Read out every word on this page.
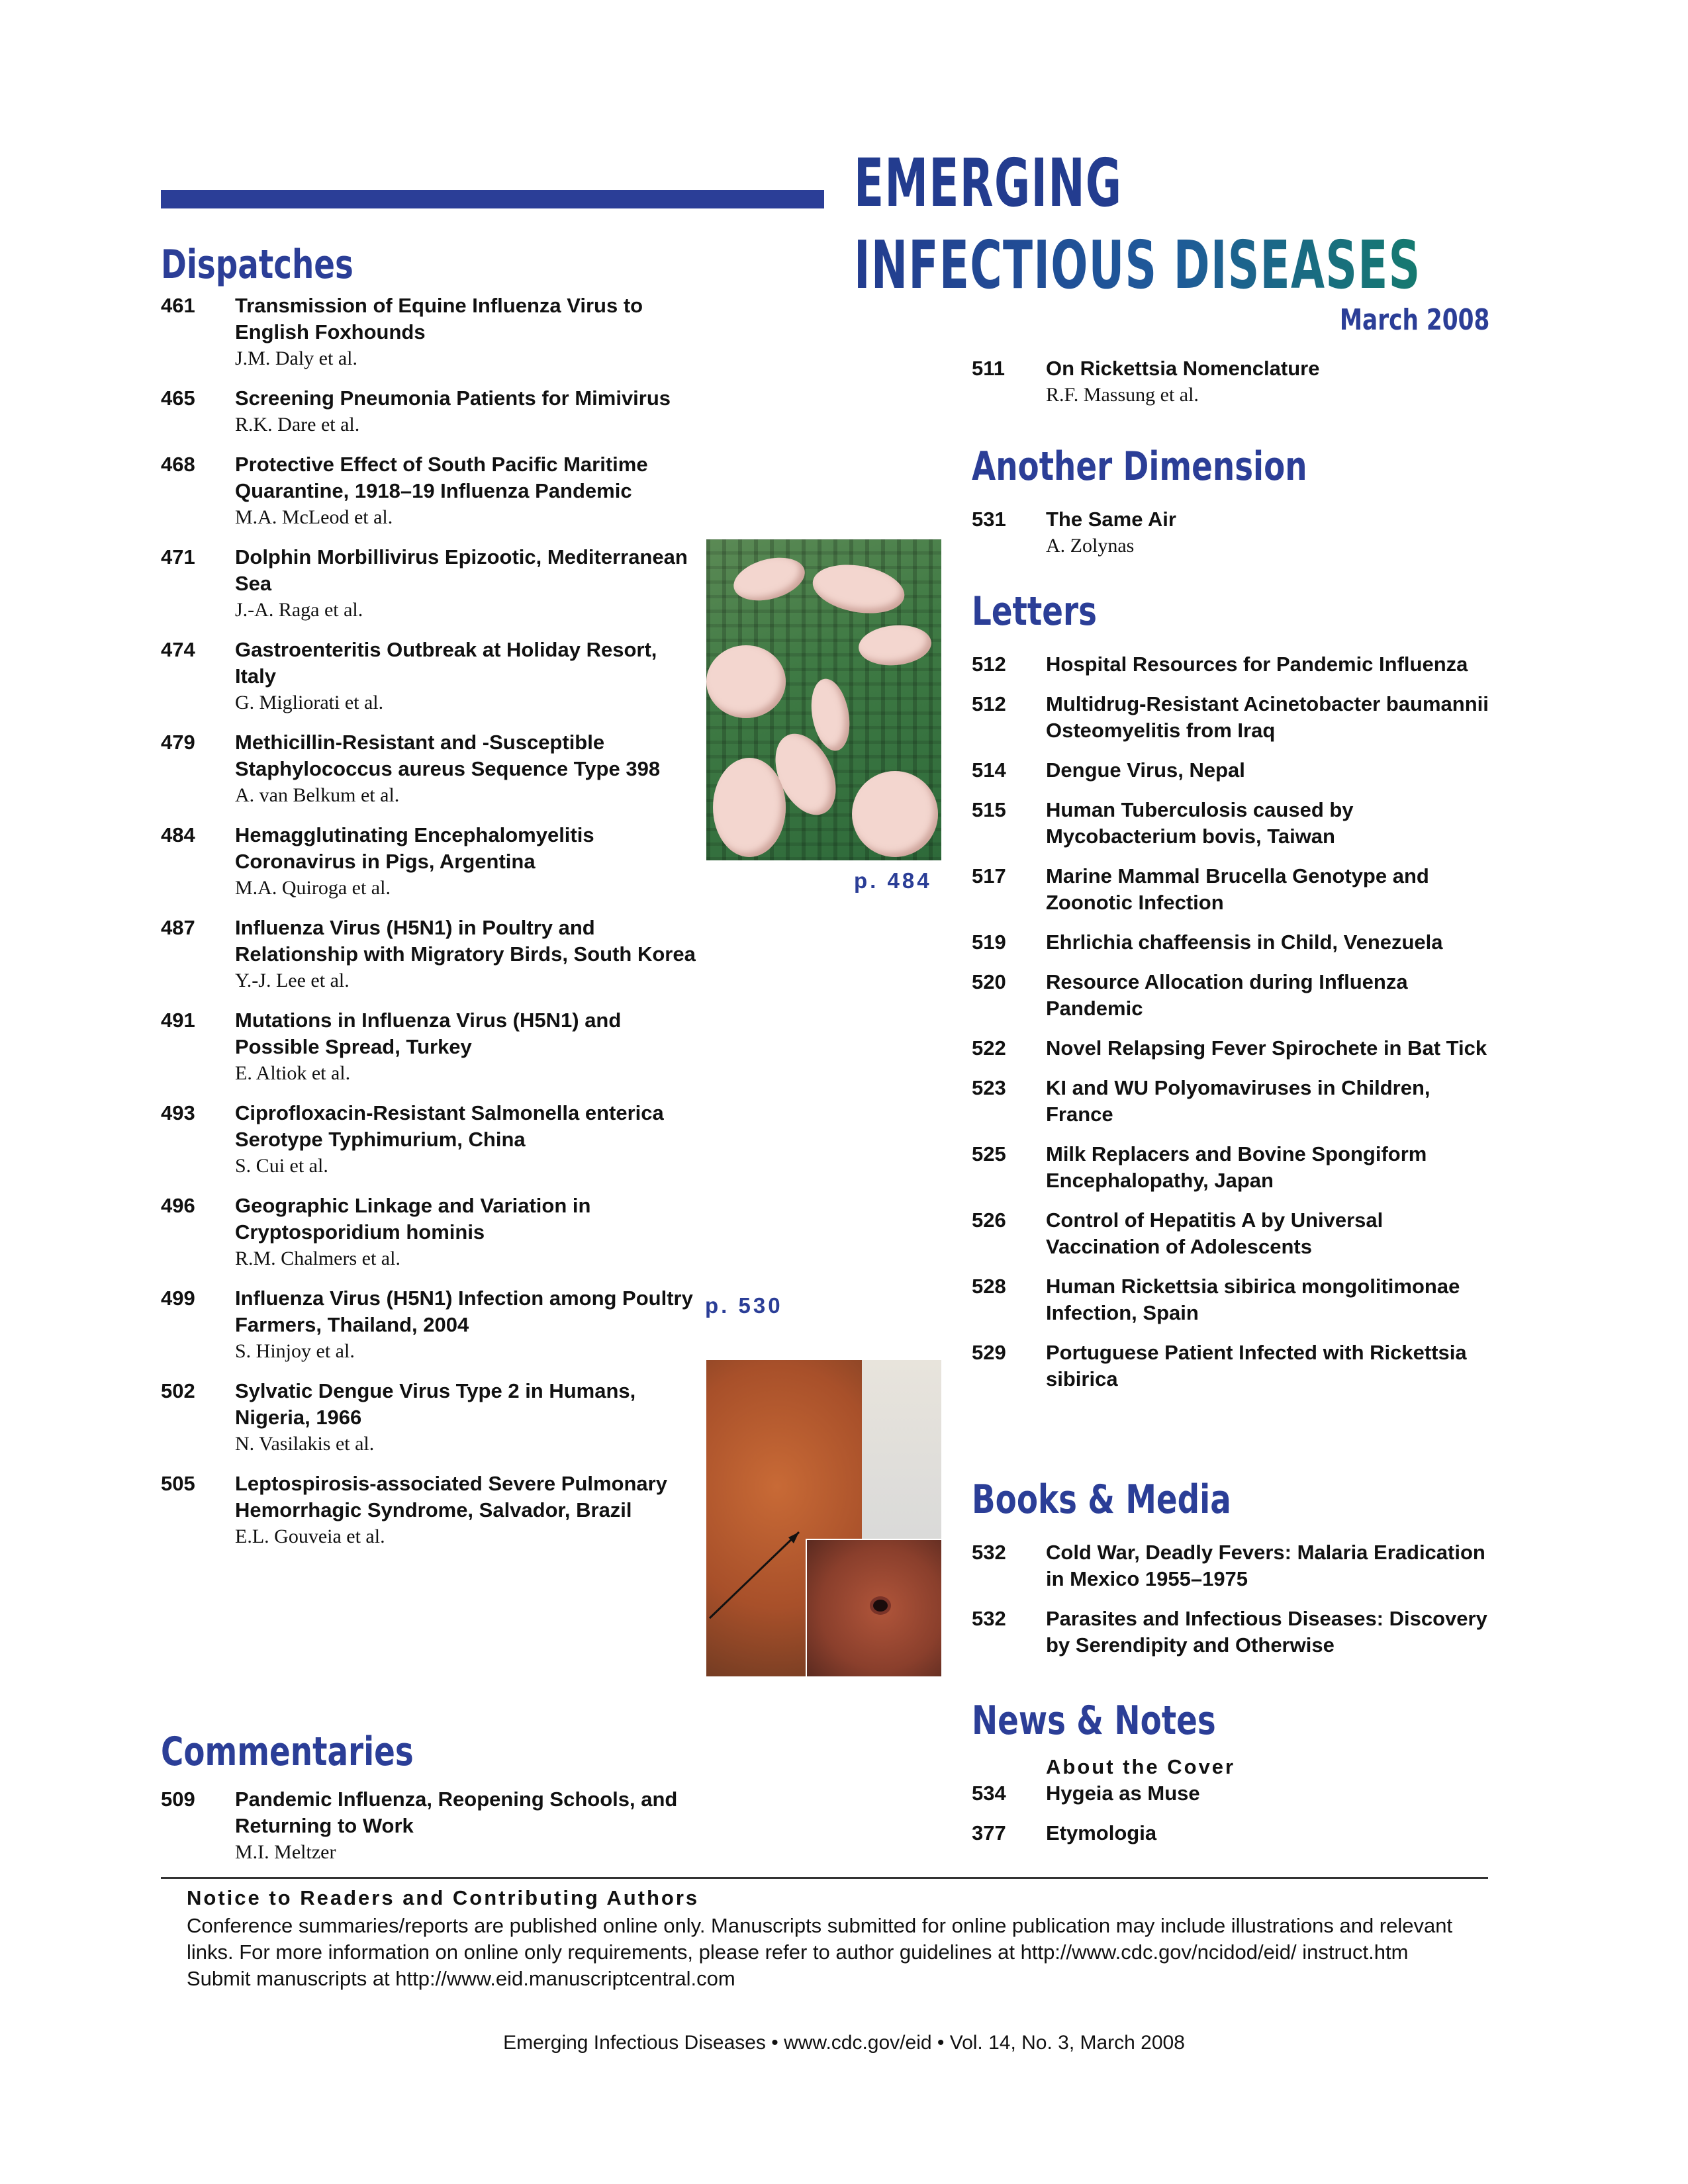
EMERGING
INFECTIOUS DISEASES
March 2008
Dispatches
461 Transmission of Equine Influenza Virus to English Foxhounds
J.M. Daly et al.
465 Screening Pneumonia Patients for Mimivirus
R.K. Dare et al.
468 Protective Effect of South Pacific Maritime Quarantine, 1918–19 Influenza Pandemic
M.A. McLeod et al.
471 Dolphin Morbillivirus Epizootic, Mediterranean Sea
J.-A. Raga et al.
474 Gastroenteritis Outbreak at Holiday Resort, Italy
G. Migliorati et al.
479 Methicillin-Resistant and -Susceptible Staphylococcus aureus Sequence Type 398
A. van Belkum et al.
484 Hemagglutinating Encephalomyelitis Coronavirus in Pigs, Argentina
M.A. Quiroga et al.
487 Influenza Virus (H5N1) in Poultry and Relationship with Migratory Birds, South Korea
Y.-J. Lee et al.
491 Mutations in Influenza Virus (H5N1) and Possible Spread, Turkey
E. Altiok et al.
493 Ciprofloxacin-Resistant Salmonella enterica Serotype Typhimurium, China
S. Cui et al.
496 Geographic Linkage and Variation in Cryptosporidium hominis
R.M. Chalmers et al.
499 Influenza Virus (H5N1) Infection among Poultry Farmers, Thailand, 2004
S. Hinjoy et al.
502 Sylvatic Dengue Virus Type 2 in Humans, Nigeria, 1966
N. Vasilakis et al.
505 Leptospirosis-associated Severe Pulmonary Hemorrhagic Syndrome, Salvador, Brazil
E.L. Gouveia et al.
Commentaries
509 Pandemic Influenza, Reopening Schools, and Returning to Work
M.I. Meltzer
p. 484
p. 530
511 On Rickettsia Nomenclature
R.F. Massung et al.
Another Dimension
531 The Same Air
A. Zolynas
Letters
512 Hospital Resources for Pandemic Influenza
512 Multidrug-Resistant Acinetobacter baumannii Osteomyelitis from Iraq
514 Dengue Virus, Nepal
515 Human Tuberculosis caused by Mycobacterium bovis, Taiwan
517 Marine Mammal Brucella Genotype and Zoonotic Infection
519 Ehrlichia chaffeensis in Child, Venezuela
520 Resource Allocation during Influenza Pandemic
522 Novel Relapsing Fever Spirochete in Bat Tick
523 KI and WU Polyomaviruses in Children, France
525 Milk Replacers and Bovine Spongiform Encephalopathy, Japan
526 Control of Hepatitis A by Universal Vaccination of Adolescents
528 Human Rickettsia sibirica mongolitimonae Infection, Spain
529 Portuguese Patient Infected with Rickettsia sibirica
Books & Media
532 Cold War, Deadly Fevers: Malaria Eradication in Mexico 1955–1975
532 Parasites and Infectious Diseases: Discovery by Serendipity and Otherwise
News & Notes
About the Cover
534 Hygeia as Muse
377 Etymologia
Notice to Readers and Contributing Authors
Conference summaries/reports are published online only. Manuscripts submitted for online publication may include illustrations and relevant links. For more information on online only requirements, please refer to author guidelines at http://www.cdc.gov/ncidod/eid/ instruct.htm Submit manuscripts at http://www.eid.manuscriptcentral.com
Emerging Infectious Diseases • www.cdc.gov/eid • Vol. 14, No. 3, March 2008
